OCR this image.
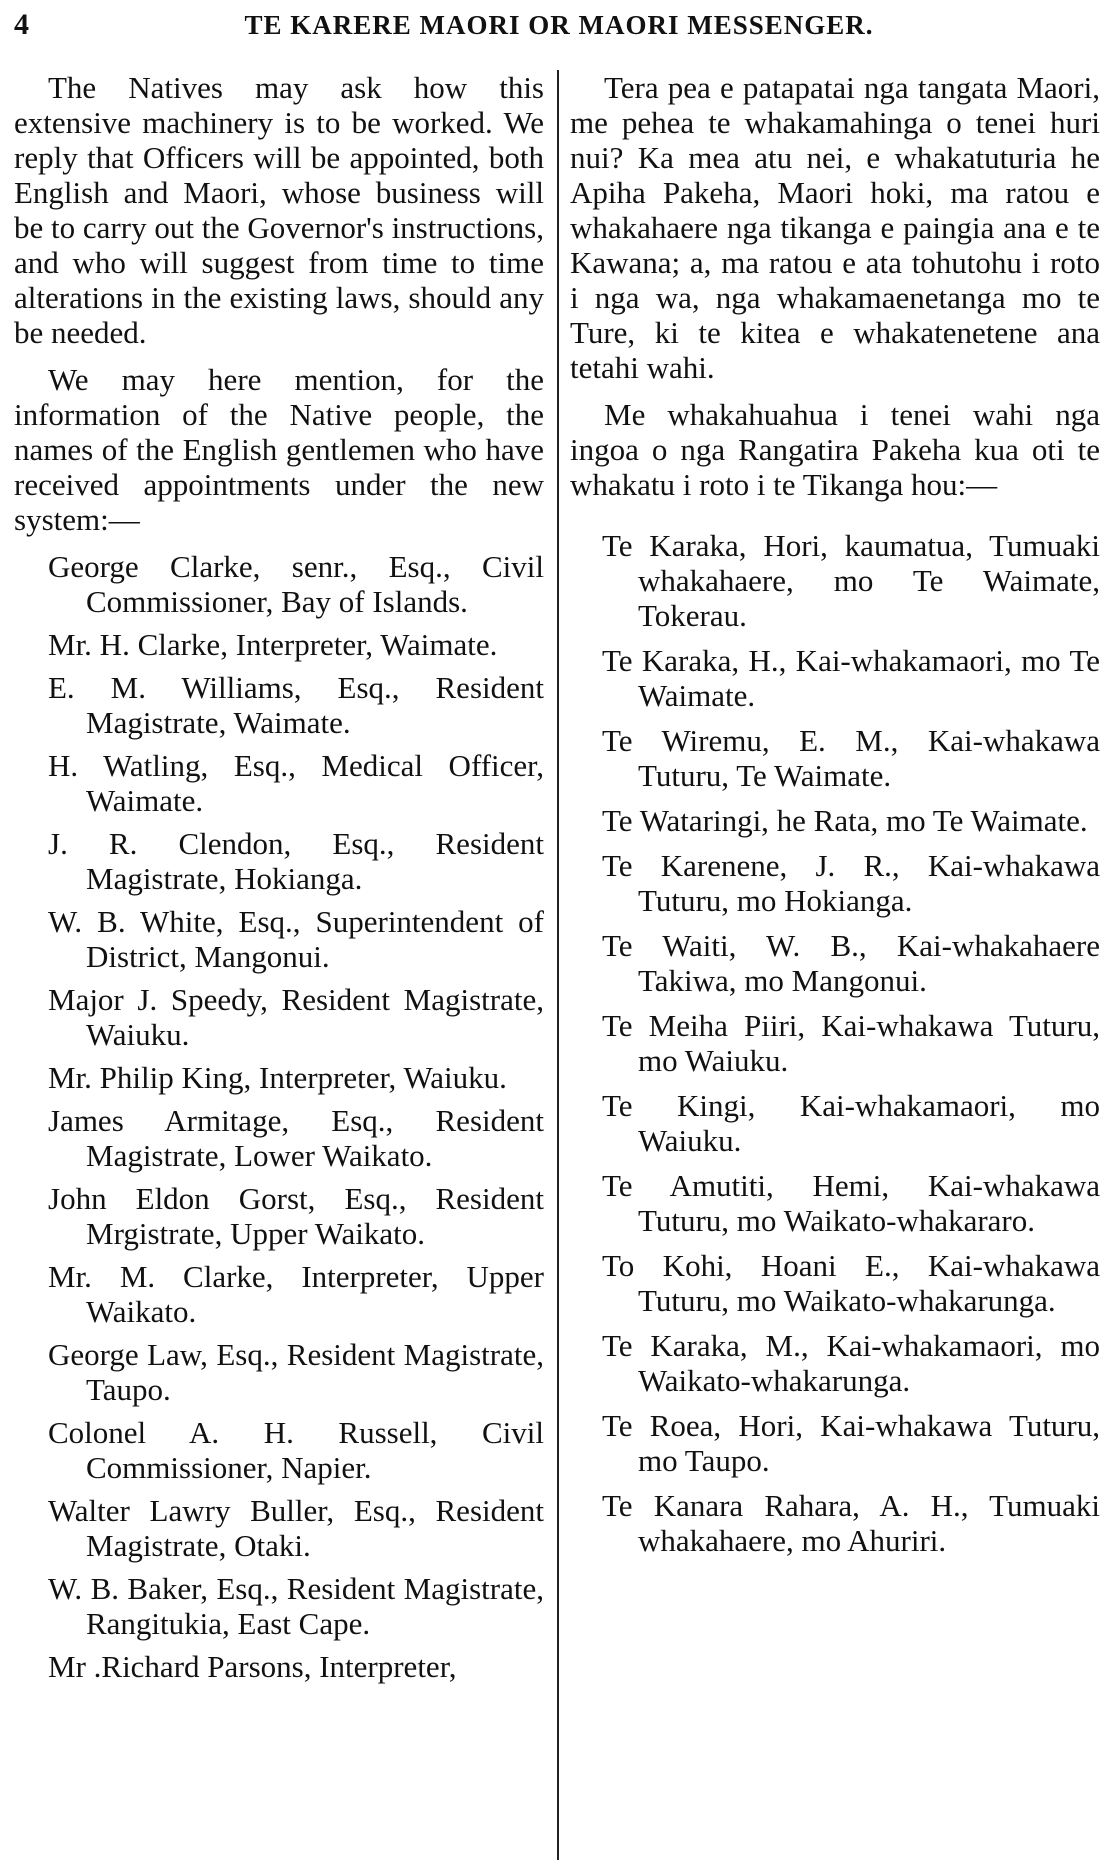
4	TE KARERE MAORI OR MAORI MESSENGER.

The Natives may ask how this extensive machinery is to be worked. We reply that Officers will be appointed, both English and Maori, whose business will be to carry out the Governor's instructions, and who will suggest from time to time alterations in the existing laws, should any be needed.

We may here mention, for the information of the Native people, the names of the English gentlemen who have received appointments under the new system:—

George Clarke, senr., Esq., Civil Commissioner, Bay of Islands.
Mr. H. Clarke, Interpreter, Waimate.
E. M. Williams, Esq., Resident Magistrate, Waimate.
H. Watling, Esq., Medical Officer, Waimate.
J. R. Clendon, Esq., Resident Magistrate, Hokianga.
W. B. White, Esq., Superintendent of District, Mangonui.
Major J. Speedy, Resident Magistrate, Waiuku.
Mr. Philip King, Interpreter, Waiuku.
James Armitage, Esq., Resident Magistrate, Lower Waikato.
John Eldon Gorst, Esq., Resident Mrgistrate, Upper Waikato.
Mr. M. Clarke, Interpreter, Upper Waikato.
George Law, Esq., Resident Magistrate, Taupo.
Colonel A. H. Russell, Civil Commissioner, Napier.
Walter Lawry Buller, Esq., Resident Magistrate, Otaki.
W. B. Baker, Esq., Resident Magistrate, Rangitukia, East Cape.
Mr .Richard Parsons, Interpreter,

Tera pea e patapatai nga tangata Maori, me pehea te whakamahinga o tenei huri nui? Ka mea atu nei, e whakatuturia he Apiha Pakeha, Maori hoki, ma ratou e whakahaere nga tikanga e paingia ana e te Kawana; a, ma ratou e ata tohutohu i roto i nga wa, nga whakamaenetanga mo te Ture, ki te kitea e whakatenetene ana tetahi wahi.

Me whakahuahua i tenei wahi nga ingoa o nga Rangatira Pakeha kua oti te whakatu i roto i te Tikanga hou:—

Te Karaka, Hori, kaumatua, Tumuaki whakahaere, mo Te Waimate, Tokerau.
Te Karaka, H., Kai-whakamaori, mo Te Waimate.
Te Wiremu, E. M., Kai-whakawa Tuturu, Te Waimate.
Te Wataringi, he Rata, mo Te Waimate.
Te Karenene, J. R., Kai-whakawa Tuturu, mo Hokianga.
Te Waiti, W. B., Kai-whakahaere Takiwa, mo Mangonui.
Te Meiha Piiri, Kai-whakawa Tuturu, mo Waiuku.
Te Kingi, Kai-whakamaori, mo Waiuku.
Te Amutiti, Hemi, Kai-whakawa Tuturu, mo Waikato-whakararo.
To Kohi, Hoani E., Kai-whakawa Tuturu, mo Waikato-whakarunga.
Te Karaka, M., Kai-whakamaori, mo Waikato-whakarunga.
Te Roea, Hori, Kai-whakawa Tuturu, mo Taupo.
Te Kanara Rahara, A. H., Tumuaki whakahaere, mo Ahuriri.
